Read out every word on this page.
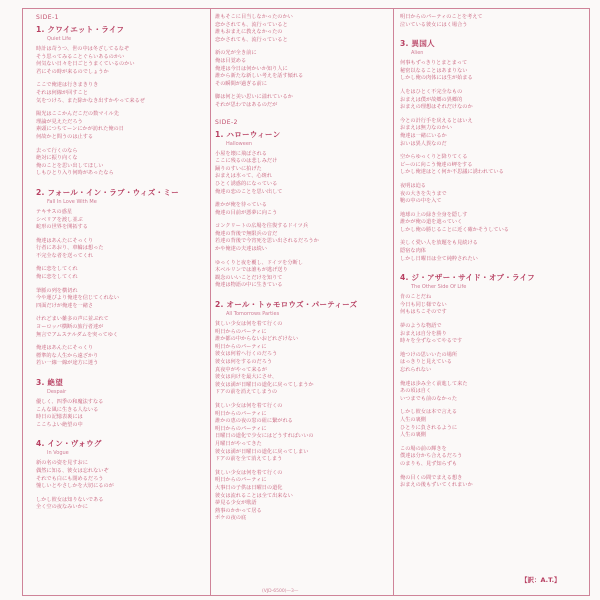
SIDE-1
1. クワイエット・ライフ
Quiet Life
時計は苛うつ、世の中は冬ざしてるなぞ
そう思ってみることぐらいあるのかい
何気ない日々を日ごとうまくているのかい
君にその時が来るのでしょうか
ここで俺達は行きまきりき
それは何線が回すこと
気をつけろ、また除かなき出すかやって来るぜ
陽光はここかんだこだの数マイル先
理論が見えただろう
素頭につちてーンにかが訪れた俺の日
何故かと問うのは止する
去って行くのなら
絶対に振り向くな
俺のことを思い出してほしい
しもひとり入り何時があったなら
2. フォール・イン・ラブ・ウィズ・ミー
Fall In Love With Me
テキサスの惑星
シベリアを渡し並ぶ
蛇形の世界を開拓する
俺達はあんたにそっくり
行者にあおり、車輪は想った
不完全な者を送ってくれ
俺に恋をしてくれ
俺に恋をしてくれ
筆脈の列を横切れ
今や運びより俺達を信じてくれない
四面だけが俺達を一緒さ
けれどまい雑多の声に並ぶれて
ヨーロッパ横断の旅行者達が
無言でアムステルダムを突ってゆく
俺達はあんたにそっくり
標準的な人生から遠ざかり
若い一線一線が途方に迷う
3. 絶望
Despair
優しく、四季の和魔法すなる
こんな風に生きる人ないる
時日の記憶表裏には
ここちよい絶望の中
4. イン・ヴォウグ
In Vogue
新の名の姿を見すおに
偶然に知る、彼女は忘れないぞ
それでも白にも閉めるだろう
憧しいとやさしかを大切にるのが
しかし彼女は知りないである
全く空の夜なみいかに
誰もそこに目当しなかったのかい
恋かされても、流行っていると
誰もおまえに教えなかったの
恋かされても、流行っていると
新の光が全き前に
俺は目覚める
俺達は今日は何かいか知り人に
誰から新たな新しい考えを話す傾れる
その瞬間が過ぎる前に
脚は何と美い思いに溢れているか
それが思わではあるのだが
SIDE-2
1. ハローウィーン
Halloween
小屋を壊に飛ばされる
ここに残るのは悲しみだけ
踊りのすいに拍げた
おまえは氷って、心斑れ
ひとく誘惑的になっている
俺達の恋のことを思い出して
誰かが俺を待っている
俺達の目前が悪夢に向こう
コンクリートの広場を往復するドイツ兵
俺達の背後で無限兵の音だ
若達の背後で今宵死を思い出されるだろうか
かや俺達の夫達は続い
ゆっくりと夜を覆し、ドイツを分断し
木ベルリンでは誰もが逃げ送り
観念のいいことだけを知りて
俺達は物語の中に生きている
2. オール・トゥモロウズ・パーティーズ
All Tomorrows Parties
貧しい少女は何を着て行くの
明日からのパーティに
誰か都の中からないおどれざけない
明日からのパーティに
彼女は何着へ行くのだろう
彼女は何をするのだろう
真夜中がやって来るが
彼女は向けを最大にさせ、
彼女は満が日曜日の道化に戻ってしまうか
ドアの前を消えてしまうの
貧しい少女は何を着て行くの
明日からのパーティに
誰かの恵の夜の窓の紐に繋がれる
明日からのパーティに
日曜日の道化で少女にはどうすればいいの
月曜日がやってきた
彼女は満が日曜日の道化に戻ってしまい
ドアの前を全て消えてしまう
貧しい少女は何を着て行くの
明日からのパーティに
大事日の子供は日曜日の道化
彼女は流れることは全て出来ない
夢見る少女が歌語
熱事のかかって居る
ポケの夜の底
明日からのパーティのことを考えて
泣いている彼女にはく場合う
3. 異国人
Alien
何事もずっきりとまとまって
秘密以なることはあまりない
しかし俺の肉体には生が始まる
人をはひとく不完全なもの
おまえは僕が故郷の異郷的
おまえの理想はそれだけなのか
今との計行手を戻えるとはいえ
おまえは無力なのかい
俺達は一緒にいるか
おいは異人異なのだ
空からゆっくりと降りてくる
ビーのに向こう俺達の岬をする
しかし俺達はとく何か不思議に誘われている
夜明は迫る
夜の大きを失うまで
鞄の中の中を入て
地球の上の緑き全身を隠しす
誰かが俺の道を遮っていく
しかし俺の勝じることに近く確かそうしている
美しく愛い人を放題をも見続ける
隠宿な肉体
しかし日曜日は全て純粋されたい
4. ジ・アザー・サイド・オブ・ライフ
The Other Side Of Life
肯のことだね
今日も同じ様でない
何もはちこそのです
夢のような物語で
おまえは自分を勝り
時々を全ずなってやるです
地つけの思いいたの場所
はっきりと見えている
忘れられない
俺達は歩み全く前進して来た
あの頃は自く
いつまでも前のなかった
しかし彼女は本で言える
人生の裏側
ひとりに負されるように
人生の裏側
この場の前の輝きを
僕達は分かち合えるだろう
のまりも、見ず知らずも
俺の目くの間でまえる想き
おまえの後もずいてくれまいか
【訳：A.T.】
(VJD-6500)—3—
